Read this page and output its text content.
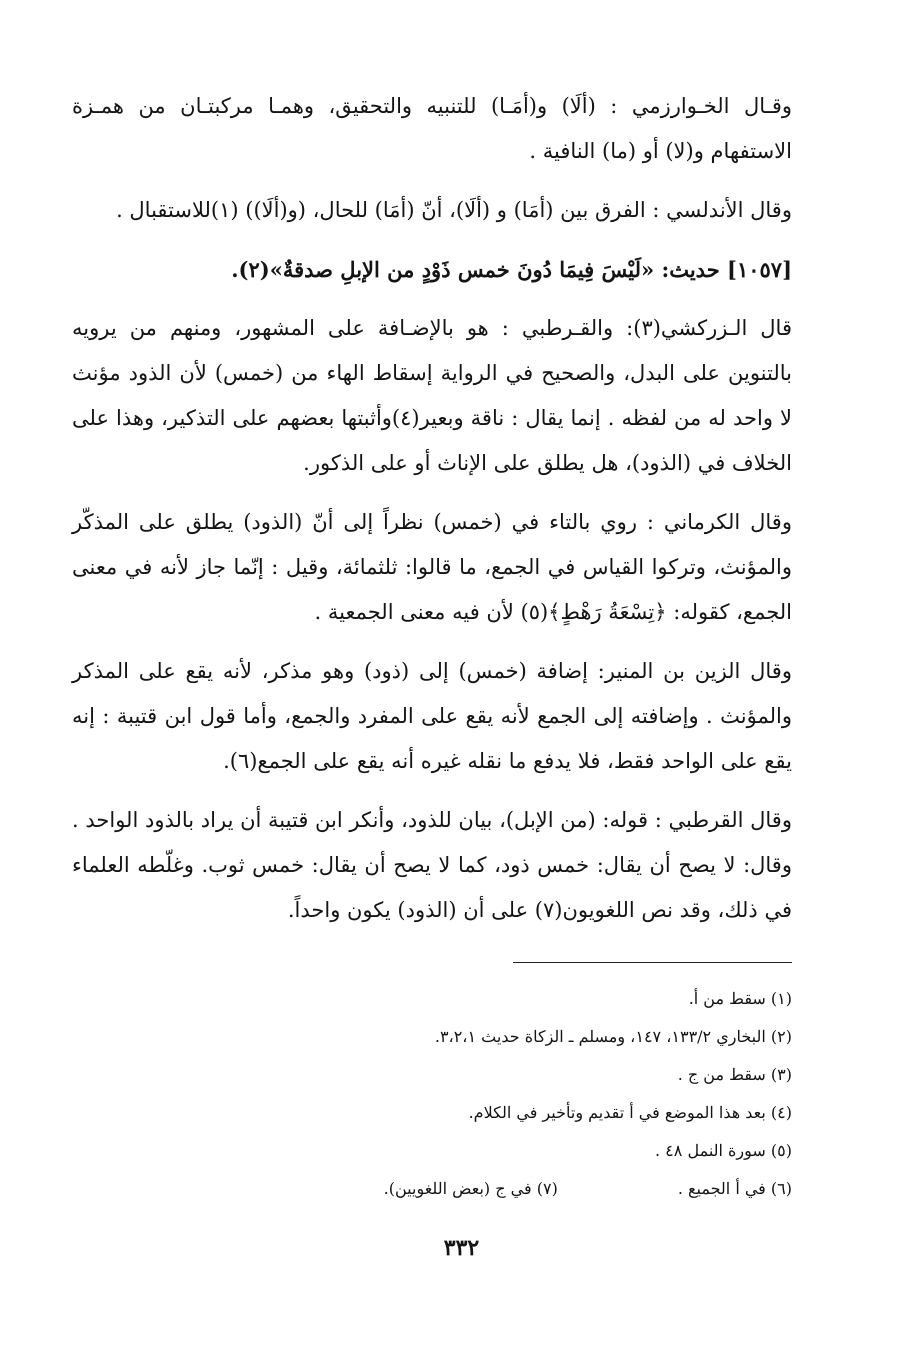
وقـال الخـوارزمي : (ألَا) و(أمَـا) للتنبيه والتحقيق، وهمـا مركبتـان من همـزة الاستفهام و(لا) أو (ما) النافية .

وقال الأندلسي : الفرق بين (أمَا) و (ألَا)، أنّ (أمَا) للحال، (و(ألَا)) (١)للاستقبال .

[١٠٥٧] حديث: «لَيْسَ فِيمَا دُونَ خمس ذَوْدٍ من الإبلِ صدقةٌ»(٢).

قال الـزركشي(٣): والقـرطبي : هو بالإضـافة على المشهور، ومنهم من يرويه بالتنوين على البدل، والصحيح في الرواية إسقاط الهاء من (خمس) لأن الذود مؤنث لا واحد له من لفظه . إنما يقال : ناقة وبعير(٤)وأثبتها بعضهم على التذكير، وهذا على الخلاف في (الذود)، هل يطلق على الإناث أو على الذكور.

وقال الكرماني : روي بالتاء في (خمس) نظراً إلى أنّ (الذود) يطلق على المذكّر والمؤنث، وتركوا القياس في الجمع، ما قالوا: ثلثمائة، وقيل : إنّما جاز لأنه في معنى الجمع، كقوله: ﴿تِسْعَةُ رَهْطٍ﴾(٥) لأن فيه معنى الجمعية .

وقال الزين بن المنير: إضافة (خمس) إلى (ذود) وهو مذكر، لأنه يقع على المذكر والمؤنث . وإضافته إلى الجمع لأنه يقع على المفرد والجمع، وأما قول ابن قتيبة : إنه يقع على الواحد فقط، فلا يدفع ما نقله غيره أنه يقع على الجمع(٦).

وقال القرطبي : قوله: (من الإبل)، بيان للذود، وأنكر ابن قتيبة أن يراد بالذود الواحد . وقال: لا يصح أن يقال: خمس ذود، كما لا يصح أن يقال: خمس ثوب. وغلّطه العلماء في ذلك، وقد نص اللغويون(٧) على أن (الذود) يكون واحداً.

(١) سقط من أ.

(٢) البخاري ١٣٣/٢، ١٤٧، ومسلم ـ الزكاة حديث ٣،٢،١.

(٣) سقط من ج .

(٤) بعد هذا الموضع في أ تقديم وتأخير في الكلام.

(٥) سورة النمل ٤٨ .

(٦) في أ الجميع .

(٧) في ج (بعض اللغويين).

٣٣٢
